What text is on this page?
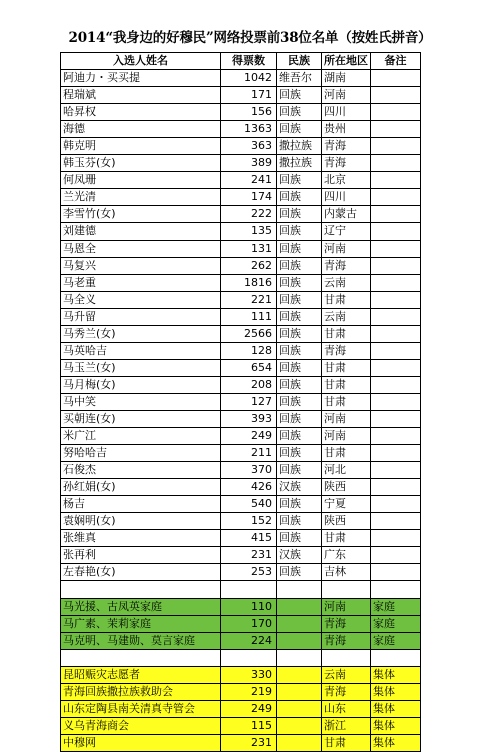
2014“我身边的好穆民”网络投票前38位名单（按姓氏拼音）
入选人姓名	得票数	民族	所在地区	备注
阿迪力・买买提	1042	维吾尔	湖南	
程瑞斌	171	回族	河南	
哈昇权	156	回族	四川	
海德	1363	回族	贵州	
韩克明	363	撒拉族	青海	
韩玉芬(女)	389	撒拉族	青海	
何凤珊	241	回族	北京	
兰光清	174	回族	四川	
李雪竹(女)	222	回族	内蒙古	
刘建德	135	回族	辽宁	
马恩全	131	回族	河南	
马复兴	262	回族	青海	
马老重	1816	回族	云南	
马全义	221	回族	甘肃	
马升留	111	回族	云南	
马秀兰(女)	2566	回族	甘肃	
马英哈吉	128	回族	青海	
马玉兰(女)	654	回族	甘肃	
马月梅(女)	208	回族	甘肃	
马中笑	127	回族	甘肃	
买朝连(女)	393	回族	河南	
米广江	249	回族	河南	
努哈哈吉	211	回族	甘肃	
石俊杰	370	回族	河北	
孙红娟(女)	426	汉族	陕西	
杨吉	540	回族	宁夏	
袁娴明(女)	152	回族	陕西	
张维真	415	回族	甘肃	
张再利	231	汉族	广东	
左春艳(女)	253	回族	吉林	

马光援、古凤英家庭	110		河南	家庭
马广素、茉莉家庭	170		青海	家庭
马克明、马建勋、莫言家庭	224		青海	家庭

昆昭赈灾志愿者	330		云南	集体
青海回族撒拉族救助会	219		青海	集体
山东定陶县南关清真寺管会	249		山东	集体
义乌青海商会	115		浙江	集体
中穆网	231		甘肃	集体
